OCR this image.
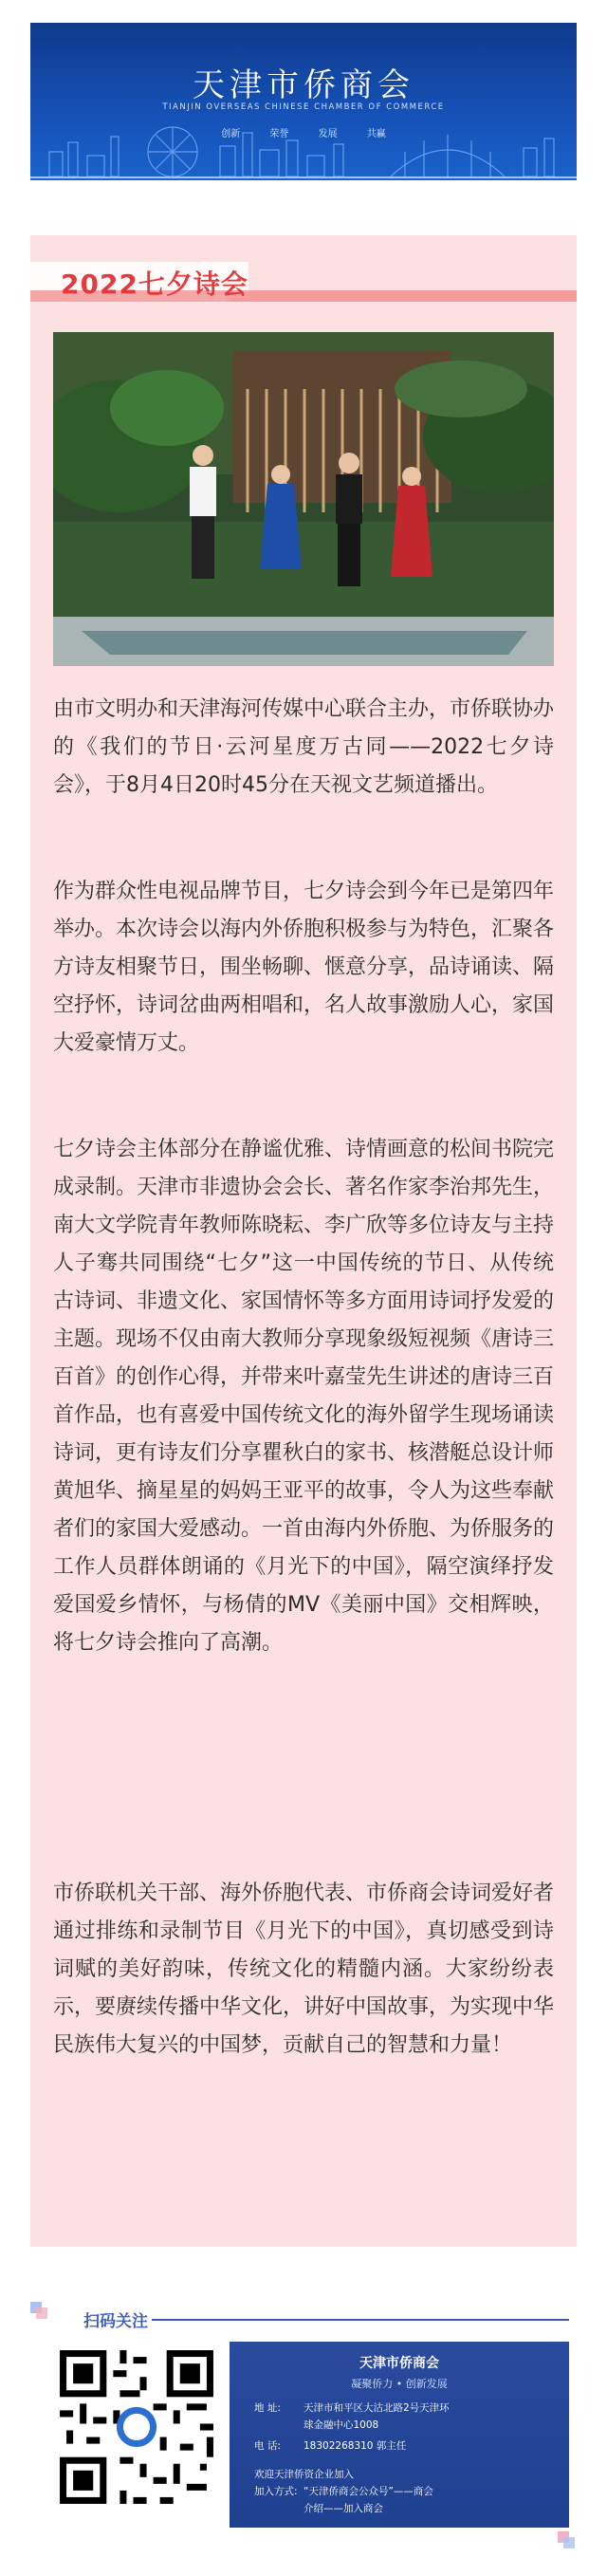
天津市侨商会
TIANJIN OVERSEAS CHINESE CHAMBER OF COMMERCE
创新	荣誉	发展	共赢
2022七夕诗会

由市文明办和天津海河传媒中心联合主办，市侨联协办的《我们的节日·云河星度万古同——2022七夕诗会》，于8月4日20时45分在天视文艺频道播出。

作为群众性电视品牌节目，七夕诗会到今年已是第四年举办。本次诗会以海内外侨胞积极参与为特色，汇聚各方诗友相聚节日，围坐畅聊、惬意分享，品诗诵读、隔空抒怀，诗词岔曲两相唱和，名人故事激励人心，家国大爱豪情万丈。

七夕诗会主体部分在静谧优雅、诗情画意的松间书院完成录制。天津市非遗协会会长、著名作家李治邦先生，南大文学院青年教师陈晓耘、李广欣等多位诗友与主持人子骞共同围绕“七夕”这一中国传统的节日、从传统古诗词、非遗文化、家国情怀等多方面用诗词抒发爱的主题。现场不仅由南大教师分享现象级短视频《唐诗三百首》的创作心得，并带来叶嘉莹先生讲述的唐诗三百首作品，也有喜爱中国传统文化的海外留学生现场诵读诗词，更有诗友们分享瞿秋白的家书、核潜艇总设计师黄旭华、摘星星的妈妈王亚平的故事，令人为这些奉献者们的家国大爱感动。一首由海内外侨胞、为侨服务的工作人员群体朗诵的《月光下的中国》，隔空演绎抒发爱国爱乡情怀，与杨倩的MV《美丽中国》交相辉映，将七夕诗会推向了高潮。

市侨联机关干部、海外侨胞代表、市侨商会诗词爱好者通过排练和录制节目《月光下的中国》，真切感受到诗词赋的美好韵味，传统文化的精髓内涵。大家纷纷表示，要赓续传播中华文化，讲好中国故事，为实现中华民族伟大复兴的中国梦，贡献自己的智慧和力量！

扫码关注
天津市侨商会
凝聚侨力 • 创新发展
地 址: 天津市和平区大沽北路2号天津环
球金融中心1008
电 话: 18302268310 郭主任
欢迎天津侨资企业加入
加入方式: “天津侨商会公众号”——商会
介绍——加入商会
